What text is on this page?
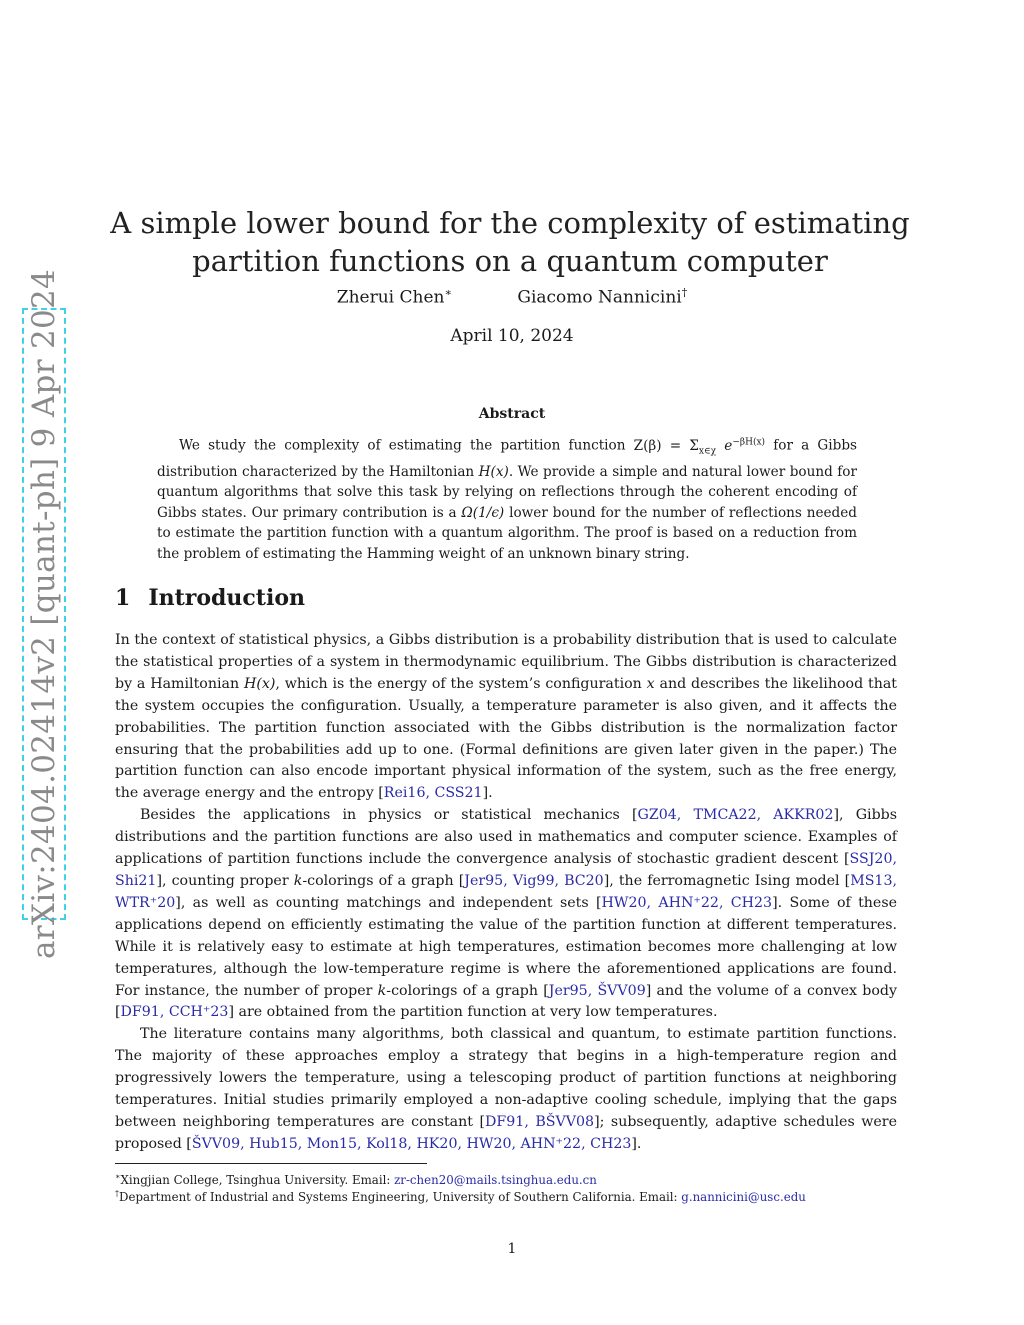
arXiv:2404.02414v2 [quant-ph] 9 Apr 2024
A simple lower bound for the complexity of estimating partition functions on a quantum computer
Zherui Chen∗	Giacomo Nannicini†
April 10, 2024
Abstract
We study the complexity of estimating the partition function $Z(\beta) = \Sigma_{x\in\chi}$ $e^{-\beta H(x)}$ for a Gibbs distribution characterized by the Hamiltonian H(x). We provide a simple and natural lower bound for quantum algorithms that solve this task by relying on reflections through the coherent encoding of Gibbs states. Our primary contribution is a Ω(1/ϵ) lower bound for the number of reflections needed to estimate the partition function with a quantum algorithm. The proof is based on a reduction from the problem of estimating the Hamming weight of an unknown binary string.
1 Introduction

In the context of statistical physics, a Gibbs distribution is a probability distribution that is used to calculate the statistical properties of a system in thermodynamic equilibrium. The Gibbs distribution is characterized by a Hamiltonian H(x), which is the energy of the system’s configuration x and describes the likelihood that the system occupies the configuration. Usually, a temperature parameter is also given, and it affects the probabilities. The partition function associated with the Gibbs distribution is the normalization factor ensuring that the probabilities add up to one. (Formal definitions are given later given in the paper.) The partition function can also encode important physical information of the system, such as the free energy, the average energy and the entropy [Rei16, CSS21].

Besides the applications in physics or statistical mechanics [GZ04, TMCA22, AKKR02], Gibbs distributions and the partition functions are also used in mathematics and computer science. Examples of applications of partition functions include the convergence analysis of stochastic gradient descent [SSJ20, Shi21], counting proper k-colorings of a graph [Jer95, Vig99, BC20], the ferromagnetic Ising model [MS13, WTR⁺20], as well as counting matchings and independent sets [HW20, AHN⁺22, CH23]. Some of these applications depend on efficiently estimating the value of the partition function at different temperatures. While it is relatively easy to estimate at high temperatures, estimation becomes more challenging at low temperatures, although the low-temperature regime is where the aforementioned applications are found. For instance, the number of proper k-colorings of a graph [Jer95, ŠVV09] and the volume of a convex body [DF91, CCH⁺23] are obtained from the partition function at very low temperatures.

The literature contains many algorithms, both classical and quantum, to estimate partition functions. The majority of these approaches employ a strategy that begins in a high-temperature region and progressively lowers the temperature, using a telescoping product of partition functions at neighboring temperatures. Initial studies primarily employed a non-adaptive cooling schedule, implying that the gaps between neighboring temperatures are constant [DF91, BŠVV08]; subsequently, adaptive schedules were proposed [ŠVV09, Hub15, Mon15, Kol18, HK20, HW20, AHN⁺22, CH23].

∗Xingjian College, Tsinghua University. Email: zr-chen20@mails.tsinghua.edu.cn
†Department of Industrial and Systems Engineering, University of Southern California. Email: g.nannicini@usc.edu
1
